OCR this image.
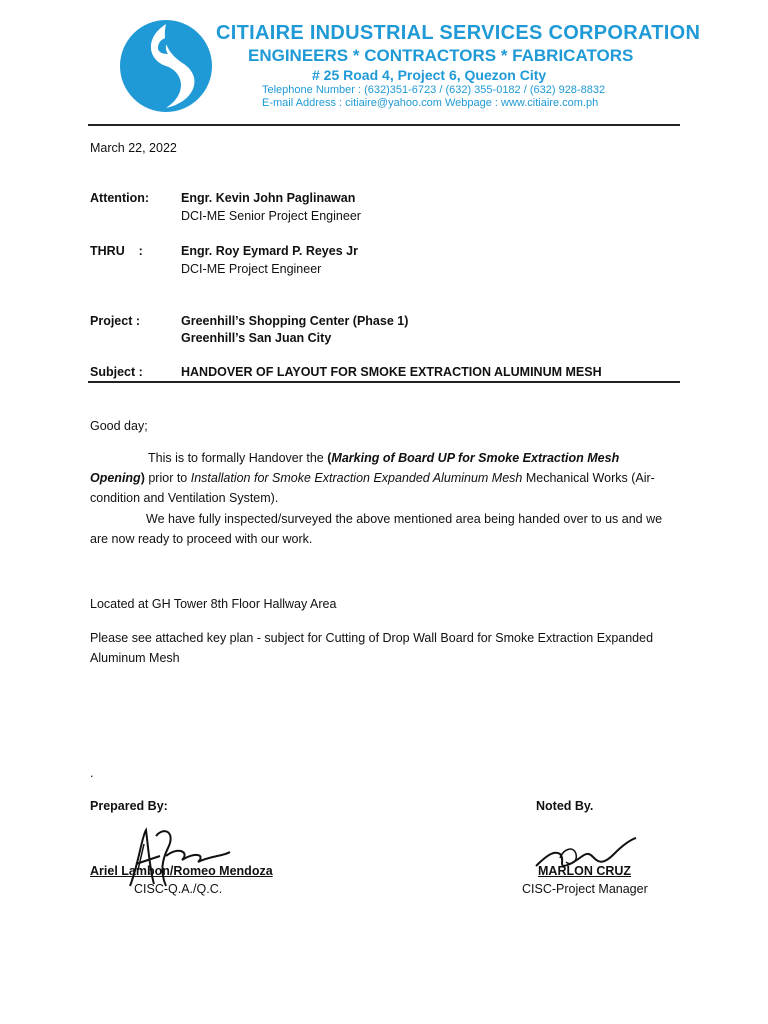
CITIAIRE INDUSTRIAL SERVICES CORPORATION
ENGINEERS * CONTRACTORS * FABRICATORS
# 25 Road 4, Project 6, Quezon City
Telephone Number : (632)351-6723 / (632) 355-0182 / (632) 928-8832
E-mail Address : citiaire@yahoo.com Webpage : www.citiaire.com.ph
March 22, 2022
Attention:	Engr. Kevin John Paglinawan
DCI-ME Senior Project Engineer
THRU    :	Engr. Roy Eymard P. Reyes Jr
DCI-ME Project Engineer
Project :	Greenhill’s Shopping Center (Phase 1)
Greenhill’s San Juan City
Subject :	HANDOVER OF LAYOUT FOR SMOKE EXTRACTION ALUMINUM MESH
Good day;
This is to formally Handover the (Marking of Board UP for Smoke Extraction Mesh Opening) prior to Installation for Smoke Extraction Expanded Aluminum Mesh Mechanical Works (Air-condition and Ventilation System).
We have fully inspected/surveyed the above mentioned area being handed over to us and we are now ready to proceed with our work.
Located at GH Tower 8th Floor Hallway Area
Please see attached key plan - subject for Cutting of Drop Wall Board for Smoke Extraction Expanded Aluminum Mesh
.
Prepared By:	Noted By.
Ariel Lambon/Romeo Mendoza	MARLON CRUZ
CISC-Q.A./Q.C.	CISC-Project Manager
